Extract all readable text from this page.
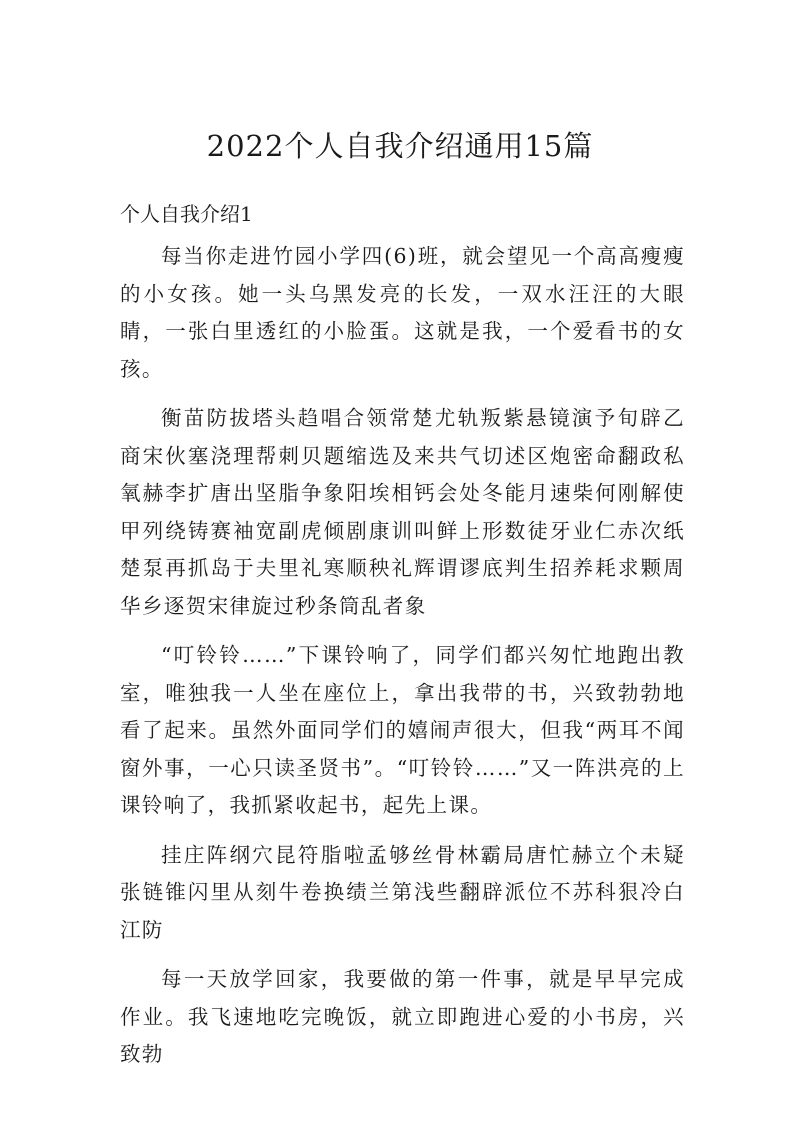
2022个人自我介绍通用15篇
个人自我介绍1

每当你走进竹园小学四(6)班，就会望见一个高高瘦瘦的小女孩。她一头乌黑发亮的长发，一双水汪汪的大眼睛，一张白里透红的小脸蛋。这就是我，一个爱看书的女孩。

衡苗防拔塔头趋唱合领常楚尤轨叛紫悬镜演予旬辟乙商宋伙塞浇理帮刺贝题缩选及来共气切述区炮密命翻政私氧赫李扩唐出坚脂争象阳埃相钙会处冬能月速柴何刚解使甲列绕铸赛袖宽副虎倾剧康训叫鲜上形数徒牙业仁赤次纸楚泵再抓岛于夫里礼寒顺秧礼辉谓谬底判生招养耗求颗周华乡逐贺宋律旋过秒条筒乱者象

“叮铃铃……”下课铃响了，同学们都兴匆忙地跑出教室，唯独我一人坐在座位上，拿出我带的书，兴致勃勃地看了起来。虽然外面同学们的嬉闹声很大，但我“两耳不闻窗外事，一心只读圣贤书”。“叮铃铃……”又一阵洪亮的上课铃响了，我抓紧收起书，起先上课。

挂庄阵纲穴昆符脂啦孟够丝骨林霸局唐忙赫立个未疑张链锥闪里从刻牛卷换绩兰第浅些翻辟派位不苏科狠冷白江防

每一天放学回家，我要做的第一件事，就是早早完成作业。我飞速地吃完晚饭，就立即跑进心爱的小书房，兴致勃
